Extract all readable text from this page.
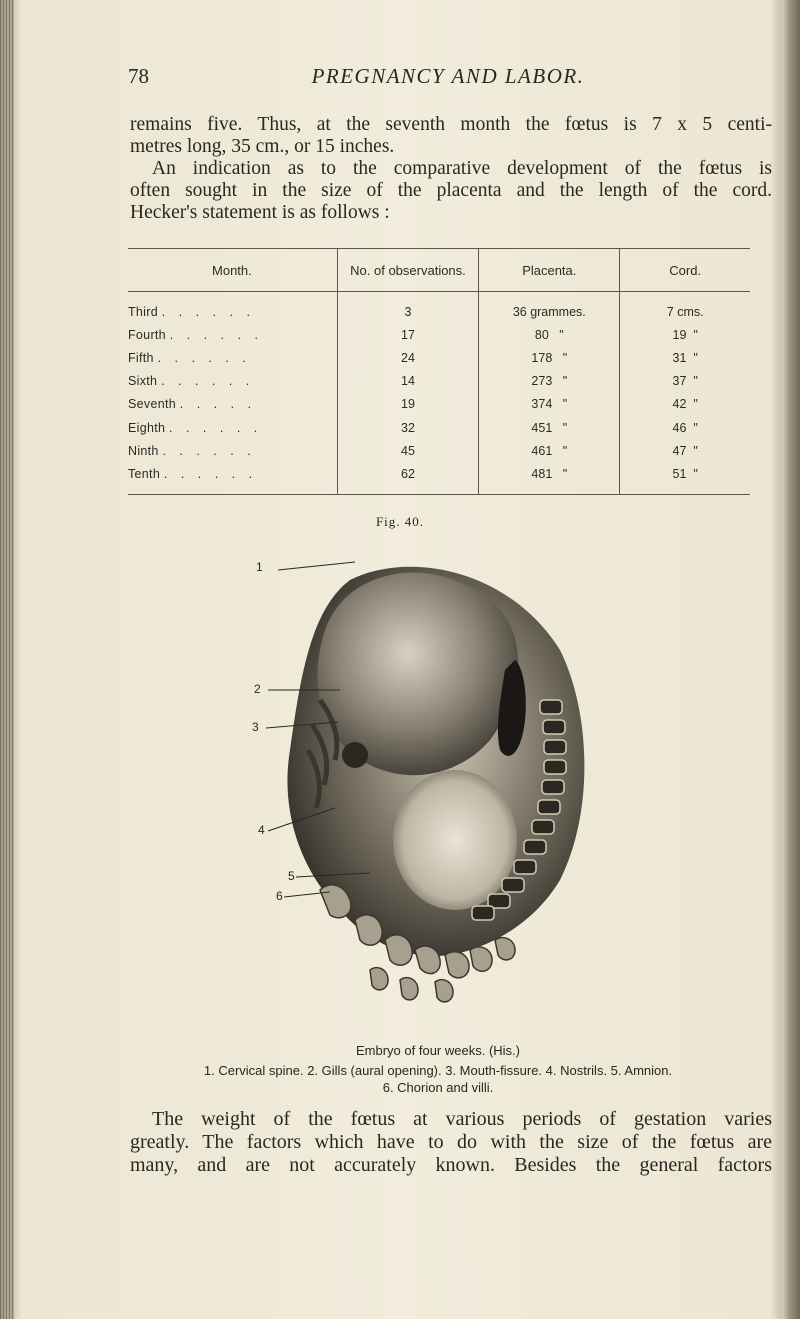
78	PREGNANCY AND LABOR.
remains five. Thus, at the seventh month the fœtus is 7 x 5 centi-
metres long, 35 cm., or 15 inches.
An indication as to the comparative development of the fœtus is
often sought in the size of the placenta and the length of the cord.
Hecker's statement is as follows :
Month.	No. of observations.	Placenta.	Cord.
Third . . . . . .	3	36 grammes.	7 cms.
Fourth . . . . . .	17	80   "	19  "
Fifth . . . . . .	24	178   "	31  "
Sixth . . . . . .	14	273   "	37  "
Seventh . . . . .	19	374   "	42  "
Eighth . . . . . .	32	451   "	46  "
Ninth . . . . . .	45	461   "	47  "
Tenth . . . . . .	62	481   "	51  "
Fig. 40.
1
2
3
4
5
6
Embryo of four weeks. (His.)
1. Cervical spine. 2. Gills (aural opening). 3. Mouth-fissure. 4. Nostrils. 5. Amnion.
6. Chorion and villi.
The weight of the fœtus at various periods of gestation varies
greatly. The factors which have to do with the size of the fœtus are
many, and are not accurately known. Besides the general factors
